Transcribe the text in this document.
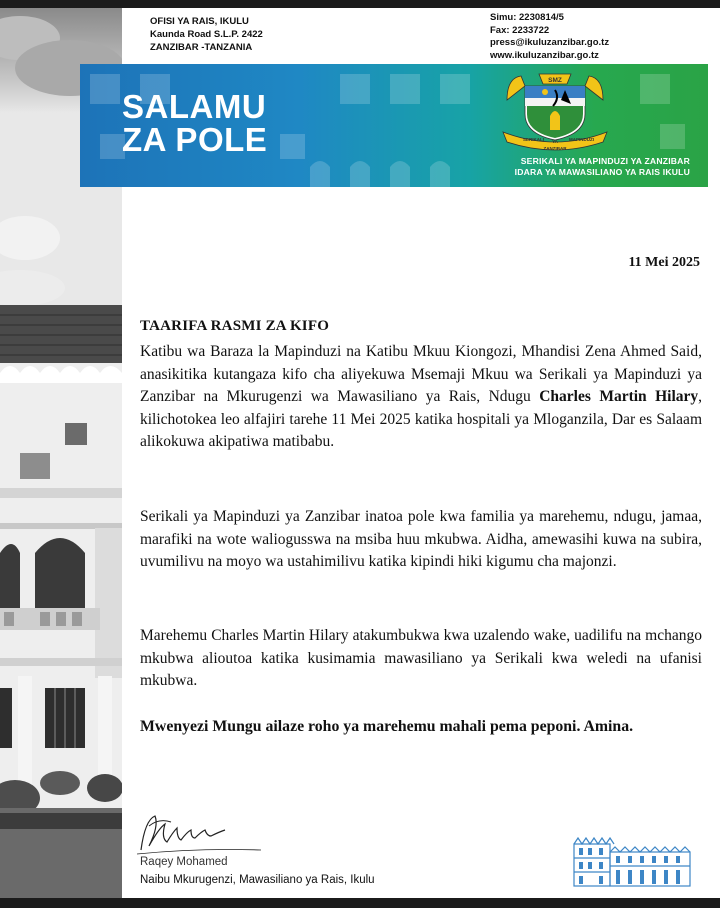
OFISI YA RAIS, IKULU
Kaunda Road S.L.P. 2422
ZANZIBAR -TANZANIA
Simu: 2230814/5
Fax: 2233722
press@ikuluzanzibar.go.tz
www.ikuluzanzibar.go.tz
SALAMU
ZA POLE
SMZ
SERIKALI YA MAPINDUZI
ZANZIBAR
SERIKALI YA MAPINDUZI YA ZANZIBAR
IDARA YA MAWASILIANO YA RAIS IKULU
11 Mei 2025
TAARIFA RASMI ZA KIFO
Katibu wa Baraza la Mapinduzi na Katibu Mkuu Kiongozi, Mhandisi Zena Ahmed Said, anasikitika kutangaza kifo cha aliyekuwa Msemaji Mkuu wa Serikali ya Mapinduzi ya Zanzibar na Mkurugenzi wa Mawasiliano ya Rais, Ndugu Charles Martin Hilary, kilichotokea leo alfajiri tarehe 11 Mei 2025 katika hospitali ya Mloganzila, Dar es Salaam alikokuwa akipatiwa matibabu.
Serikali ya Mapinduzi ya Zanzibar inatoa pole kwa familia ya marehemu, ndugu, jamaa, marafiki na wote waliogusswa na msiba huu mkubwa. Aidha, amewasihi kuwa na subira, uvumilivu na moyo wa ustahimilivu katika kipindi hiki kigumu cha majonzi.
Marehemu Charles Martin Hilary atakumbukwa kwa uzalendo wake, uadilifu na mchango mkubwa alioutoa katika kusimamia mawasiliano ya Serikali kwa weledi na ufanisi mkubwa.
Mwenyezi Mungu ailaze roho ya marehemu mahali pema peponi. Amina.
Raqey Mohamed
Naibu Mkurugenzi, Mawasiliano ya Rais, Ikulu
